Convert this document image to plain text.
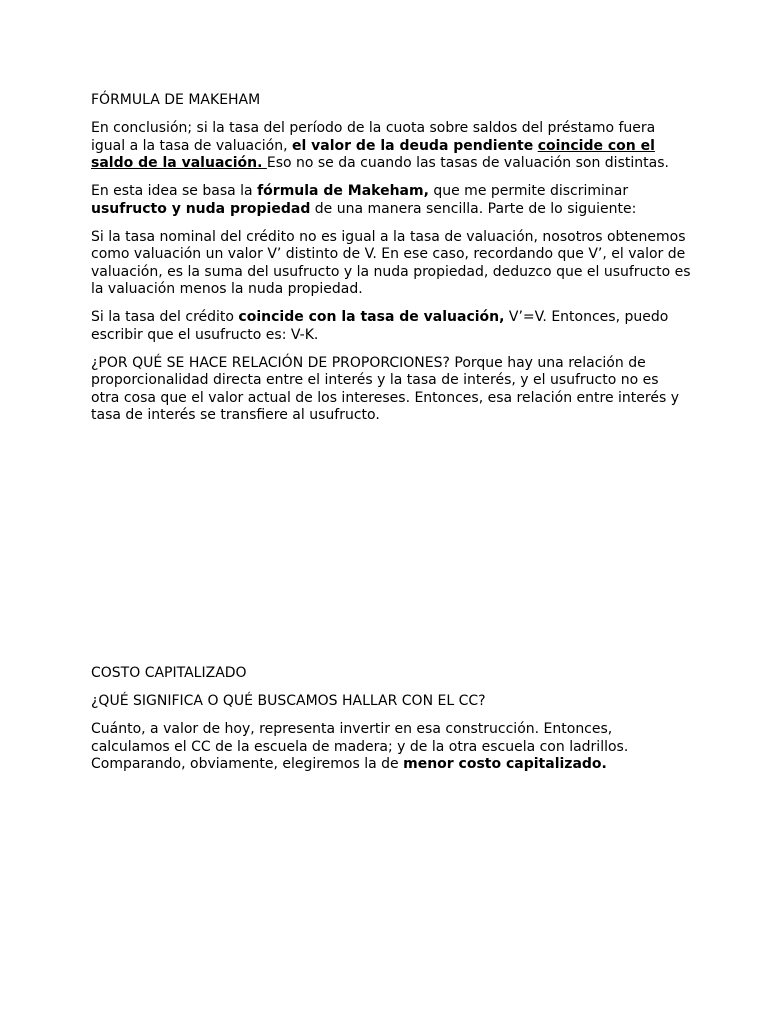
FÓRMULA DE MAKEHAM

En conclusión; si la tasa del período de la cuota sobre saldos del préstamo fuera igual a la tasa de valuación, el valor de la deuda pendiente coincide con el saldo de la valuación. Eso no se da cuando las tasas de valuación son distintas.

En esta idea se basa la fórmula de Makeham, que me permite discriminar usufructo y nuda propiedad de una manera sencilla. Parte de lo siguiente:

Si la tasa nominal del crédito no es igual a la tasa de valuación, nosotros obtenemos como valuación un valor V’ distinto de V. En ese caso, recordando que V’, el valor de valuación, es la suma del usufructo y la nuda propiedad, deduzco que el usufructo es la valuación menos la nuda propiedad.

Si la tasa del crédito coincide con la tasa de valuación, V’=V. Entonces, puedo escribir que el usufructo es: V-K.

¿POR QUÉ SE HACE RELACIÓN DE PROPORCIONES? Porque hay una relación de proporcionalidad directa entre el interés y la tasa de interés, y el usufructo no es otra cosa que el valor actual de los intereses. Entonces, esa relación entre interés y tasa de interés se transfiere al usufructo.

COSTO CAPITALIZADO

¿QUÉ SIGNIFICA O QUÉ BUSCAMOS HALLAR CON EL CC?

Cuánto, a valor de hoy, representa invertir en esa construcción. Entonces, calculamos el CC de la escuela de madera; y de la otra escuela con ladrillos. Comparando, obviamente, elegiremos la de menor costo capitalizado.
